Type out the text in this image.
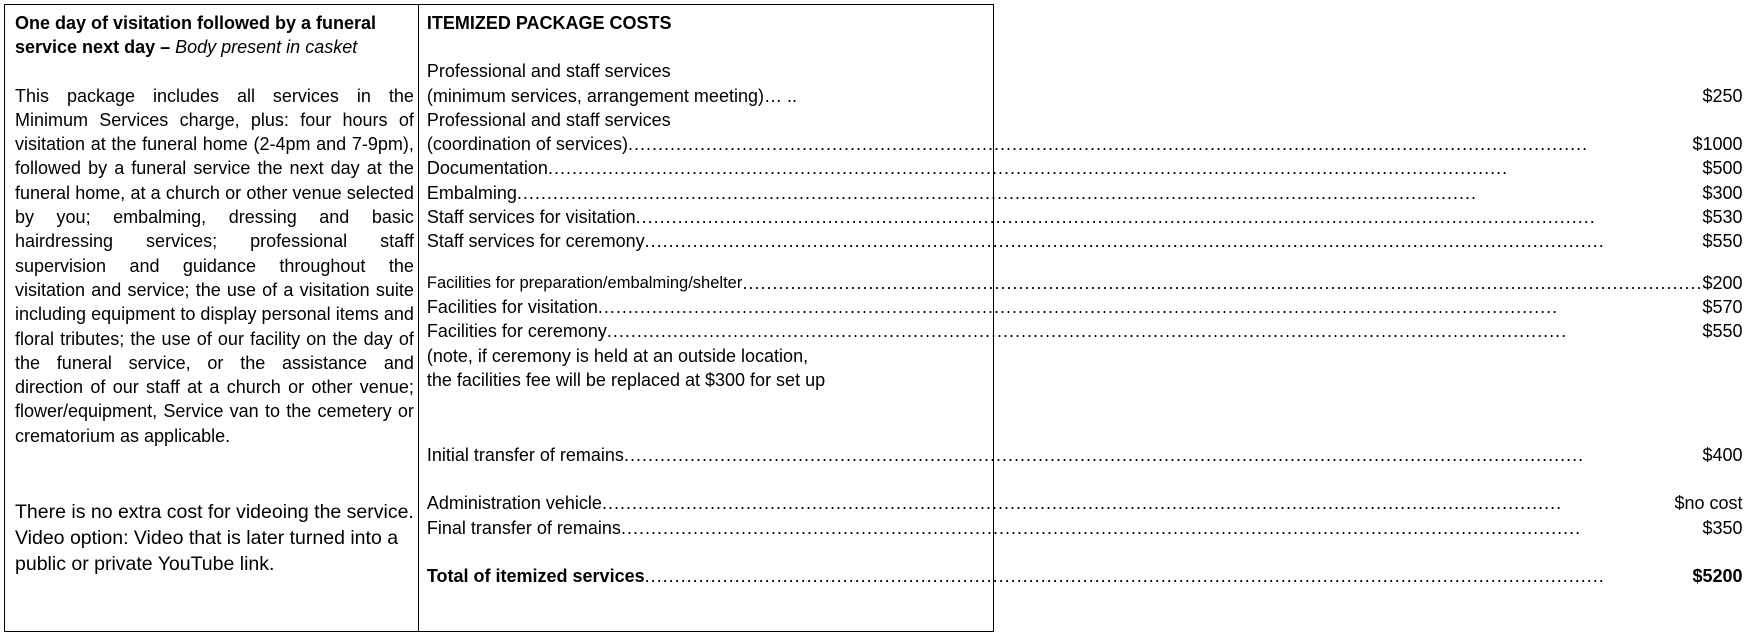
One day of visitation followed by a funeral service next day – Body present in casket
This package includes all services in the Minimum Services charge, plus: four hours of visitation at the funeral home (2-4pm and 7-9pm), followed by a funeral service the next day at the funeral home, at a church or other venue selected by you; embalming, dressing and basic hairdressing services; professional staff supervision and guidance throughout the visitation and service; the use of a visitation suite including equipment to display personal items and floral tributes; the use of our facility on the day of the funeral service, or the assistance and direction of our staff at a church or other venue; flower/equipment, Service van to the cemetery or crematorium as applicable.
There is no extra cost for videoing the service.
Video option: Video that is later turned into a
public or private YouTube link.
ITEMIZED PACKAGE COSTS
Professional and staff services
(minimum services, arrangement meeting)… ..	$250
Professional and staff services
(coordination of services) .....	$1000
Documentation .....	$500
Embalming .....	$300
Staff services for visitation .....	$530
Staff services for ceremony .....	$550
Facilities for preparation/embalming/shelter .....	$200
Facilities for visitation .....	$570
Facilities for ceremony .....	$550
(note, if ceremony is held at an outside location,
the facilities fee will be replaced at $300 for set up
Initial transfer of remains .....	$400
Administration vehicle .....	$no cost
Final transfer of remains .....	$350
Total of itemized services .....	$5200
